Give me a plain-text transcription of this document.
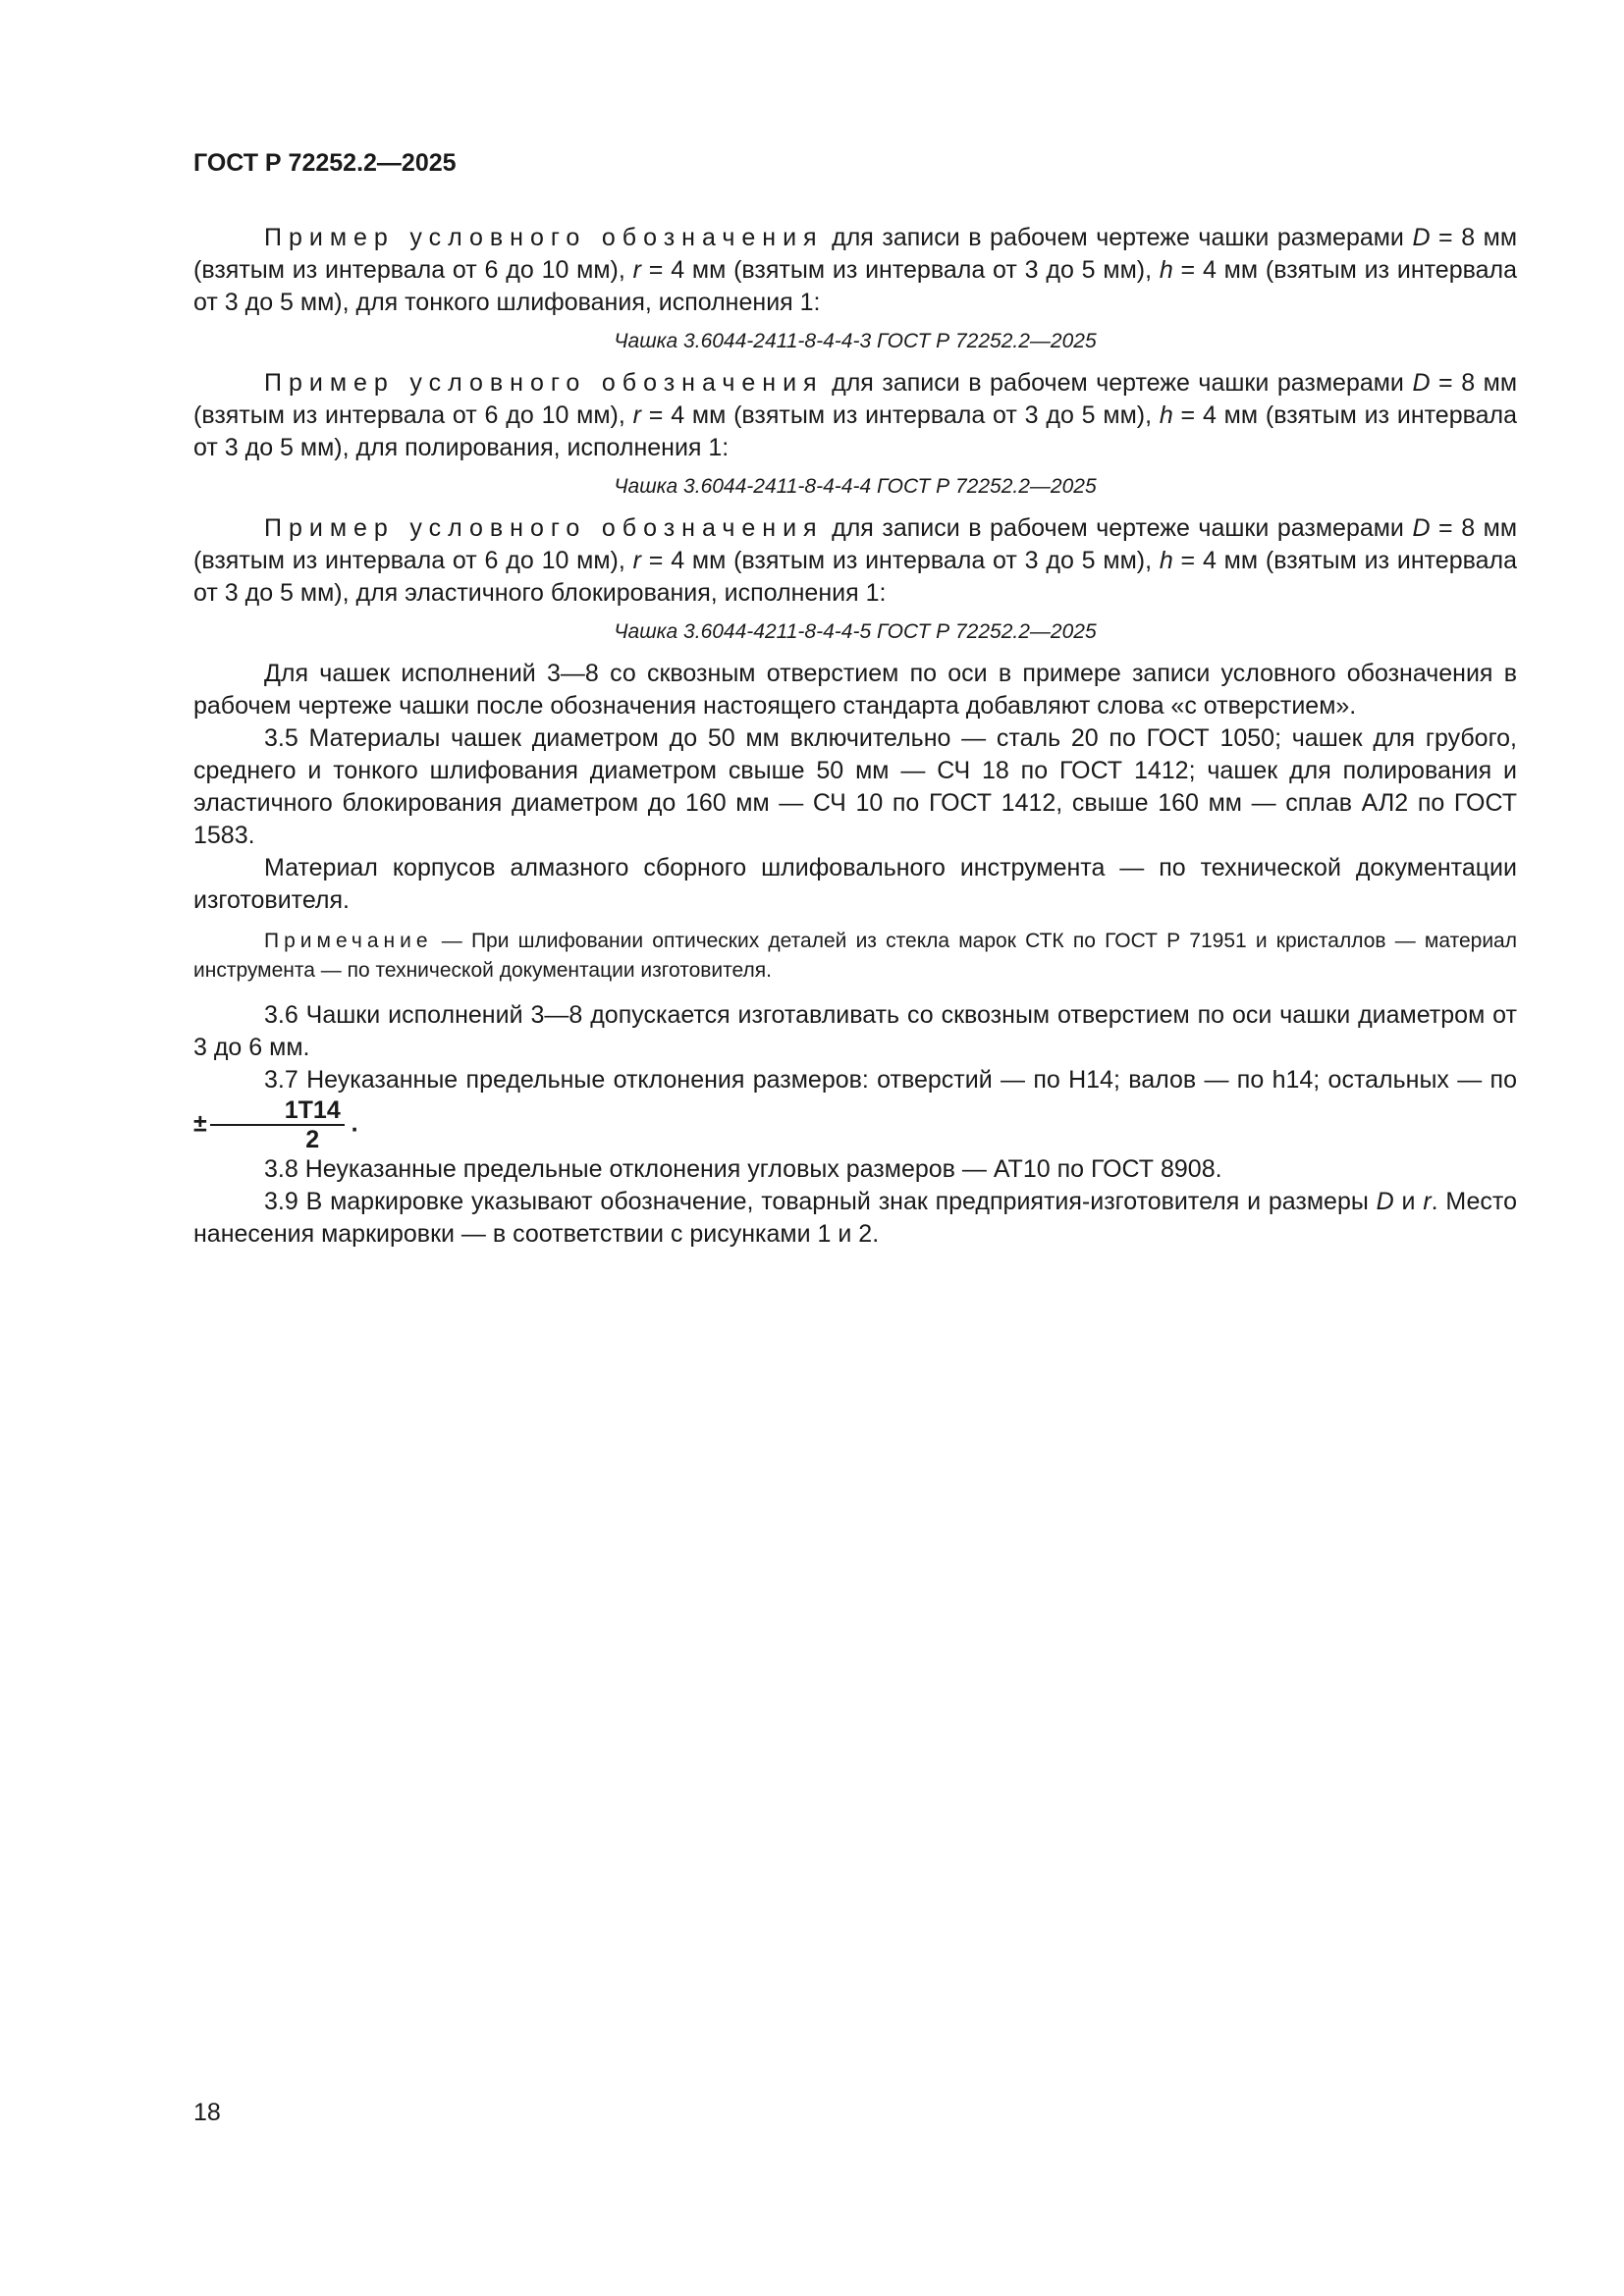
ГОСТ Р 72252.2—2025

Пример условного обозначения для записи в рабочем чертеже чашки размерами D = 8 мм (взятым из интервала от 6 до 10 мм), r = 4 мм (взятым из интервала от 3 до 5 мм), h = 4 мм (взятым из интервала от 3 до 5 мм), для тонкого шлифования, исполнения 1:

Чашка 3.6044-2411-8-4-4-3 ГОСТ Р 72252.2—2025

Пример условного обозначения для записи в рабочем чертеже чашки размерами D = 8 мм (взятым из интервала от 6 до 10 мм), r = 4 мм (взятым из интервала от 3 до 5 мм), h = 4 мм (взятым из интервала от 3 до 5 мм), для полирования, исполнения 1:

Чашка 3.6044-2411-8-4-4-4 ГОСТ Р 72252.2—2025

Пример условного обозначения для записи в рабочем чертеже чашки размерами D = 8 мм (взятым из интервала от 6 до 10 мм), r = 4 мм (взятым из интервала от 3 до 5 мм), h = 4 мм (взятым из интервала от 3 до 5 мм), для эластичного блокирования, исполнения 1:

Чашка 3.6044-4211-8-4-4-5 ГОСТ Р 72252.2—2025

Для чашек исполнений 3—8 со сквозным отверстием по оси в примере записи условного обозначения в рабочем чертеже чашки после обозначения настоящего стандарта добавляют слова «с отверстием».

3.5 Материалы чашек диаметром до 50 мм включительно — сталь 20 по ГОСТ 1050; чашек для грубого, среднего и тонкого шлифования диаметром свыше 50 мм — СЧ 18 по ГОСТ 1412; чашек для полирования и эластичного блокирования диаметром до 160 мм — СЧ 10 по ГОСТ 1412, свыше 160 мм — сплав АЛ2 по ГОСТ 1583.

Материал корпусов алмазного сборного шлифовального инструмента — по технической документации изготовителя.

Примечание — При шлифовании оптических деталей из стекла марок СТК по ГОСТ Р 71951 и кристаллов — материал инструмента — по технической документации изготовителя.

3.6 Чашки исполнений 3—8 допускается изготавливать со сквозным отверстием по оси чашки диаметром от 3 до 6 мм.

3.7 Неуказанные предельные отклонения размеров: отверстий — по H14; валов — по h14; остальных — по ± $\frac{1Т14}{2}$ .

3.8 Неуказанные предельные отклонения угловых размеров — АТ10 по ГОСТ 8908.

3.9 В маркировке указывают обозначение, товарный знак предприятия-изготовителя и размеры D и r. Место нанесения маркировки — в соответствии с рисунками 1 и 2.

18
